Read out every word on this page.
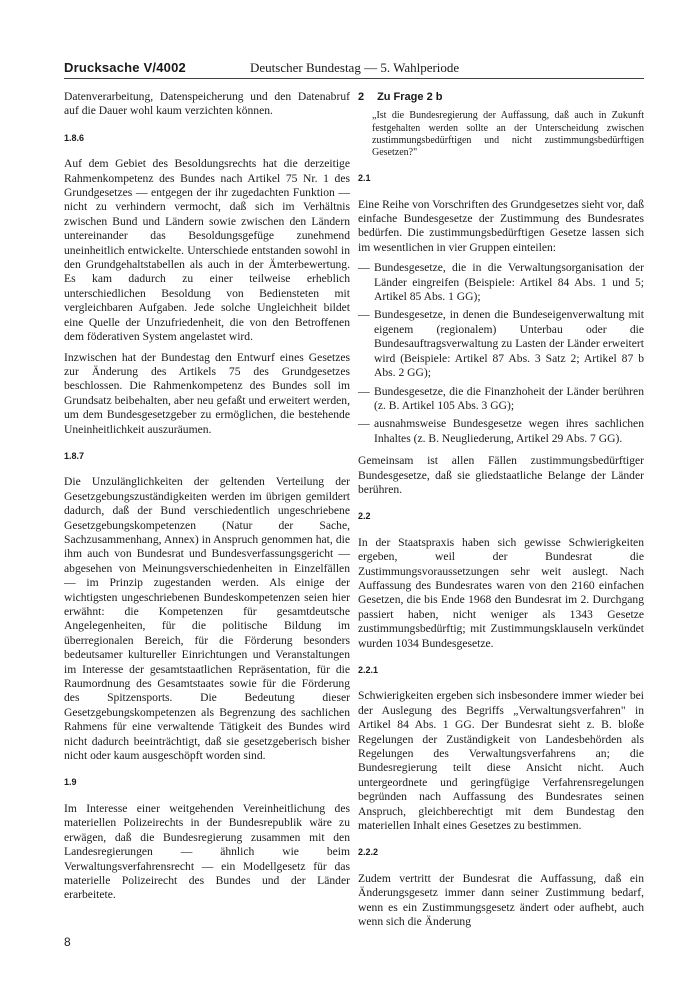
Drucksache V/4002	Deutscher Bundestag — 5. Wahlperiode

Datenverarbeitung, Datenspeicherung und den Datenabruf auf die Dauer wohl kaum verzichten können.

1.8.6

Auf dem Gebiet des Besoldungsrechts hat die derzeitige Rahmenkompetenz des Bundes nach Artikel 75 Nr. 1 des Grundgesetzes — entgegen der ihr zugedachten Funktion — nicht zu verhindern vermocht, daß sich im Verhältnis zwischen Bund und Ländern sowie zwischen den Ländern untereinander das Besoldungsgefüge zunehmend uneinheitlich entwickelte. Unterschiede entstanden sowohl in den Grundgehaltstabellen als auch in der Ämterbewertung. Es kam dadurch zu einer teilweise erheblich unterschiedlichen Besoldung von Bediensteten mit vergleichbaren Aufgaben. Jede solche Ungleichheit bildet eine Quelle der Unzufriedenheit, die von den Betroffenen dem föderativen System angelastet wird.

Inzwischen hat der Bundestag den Entwurf eines Gesetzes zur Änderung des Artikels 75 des Grundgesetzes beschlossen. Die Rahmenkompetenz des Bundes soll im Grundsatz beibehalten, aber neu gefaßt und erweitert werden, um dem Bundesgesetzgeber zu ermöglichen, die bestehende Uneinheitlichkeit auszuräumen.

1.8.7

Die Unzulänglichkeiten der geltenden Verteilung der Gesetzgebungszuständigkeiten werden im übrigen gemildert dadurch, daß der Bund verschiedentlich ungeschriebene Gesetzgebungskompetenzen (Natur der Sache, Sachzusammenhang, Annex) in Anspruch genommen hat, die ihm auch von Bundesrat und Bundesverfassungsgericht — abgesehen von Meinungsverschiedenheiten in Einzelfällen — im Prinzip zugestanden werden. Als einige der wichtigsten ungeschriebenen Bundeskompetenzen seien hier erwähnt: die Kompetenzen für gesamtdeutsche Angelegenheiten, für die politische Bildung im überregionalen Bereich, für die Förderung besonders bedeutsamer kultureller Einrichtungen und Veranstaltungen im Interesse der gesamtstaatlichen Repräsentation, für die Raumordnung des Gesamtstaates sowie für die Förderung des Spitzensports. Die Bedeutung dieser Gesetzgebungskompetenzen als Begrenzung des sachlichen Rahmens für eine verwaltende Tätigkeit des Bundes wird nicht dadurch beeinträchtigt, daß sie gesetzgeberisch bisher nicht oder kaum ausgeschöpft worden sind.

1.9

Im Interesse einer weitgehenden Vereinheitlichung des materiellen Polizeirechts in der Bundesrepublik wäre zu erwägen, daß die Bundesregierung zusammen mit den Landesregierungen — ähnlich wie beim Verwaltungsverfahrensrecht — ein Modellgesetz für das materielle Polizeirecht des Bundes und der Länder erarbeitete.

2 Zu Frage 2 b
„Ist die Bundesregierung der Auffassung, daß auch in Zukunft festgehalten werden sollte an der Unterscheidung zwischen zustimmungsbedürftigen und nicht zustimmungsbedürftigen Gesetzen?"
2.1

Eine Reihe von Vorschriften des Grundgesetzes sieht vor, daß einfache Bundesgesetze der Zustimmung des Bundesrates bedürfen. Die zustimmungsbedürftigen Gesetze lassen sich im wesentlichen in vier Gruppen einteilen:

— Bundesgesetze, die in die Verwaltungsorganisation der Länder eingreifen (Beispiele: Artikel 84 Abs. 1 und 5; Artikel 85 Abs. 1 GG);
— Bundesgesetze, in denen die Bundeseigenverwaltung mit eigenem (regionalem) Unterbau oder die Bundesauftragsverwaltung zu Lasten der Länder erweitert wird (Beispiele: Artikel 87 Abs. 3 Satz 2; Artikel 87 b Abs. 2 GG);
— Bundesgesetze, die die Finanzhoheit der Länder berühren (z. B. Artikel 105 Abs. 3 GG);
— ausnahmsweise Bundesgesetze wegen ihres sachlichen Inhaltes (z. B. Neugliederung, Artikel 29 Abs. 7 GG).

Gemeinsam ist allen Fällen zustimmungsbedürftiger Bundesgesetze, daß sie gliedstaatliche Belange der Länder berühren.

2.2

In der Staatspraxis haben sich gewisse Schwierigkeiten ergeben, weil der Bundesrat die Zustimmungsvoraussetzungen sehr weit auslegt. Nach Auffassung des Bundesrates waren von den 2160 einfachen Gesetzen, die bis Ende 1968 den Bundesrat im 2. Durchgang passiert haben, nicht weniger als 1343 Gesetze zustimmungsbedürftig; mit Zustimmungsklauseln verkündet wurden 1034 Bundesgesetze.

2.2.1

Schwierigkeiten ergeben sich insbesondere immer wieder bei der Auslegung des Begriffs „Verwaltungsverfahren" in Artikel 84 Abs. 1 GG. Der Bundesrat sieht z. B. bloße Regelungen der Zuständigkeit von Landesbehörden als Regelungen des Verwaltungsverfahrens an; die Bundesregierung teilt diese Ansicht nicht. Auch untergeordnete und geringfügige Verfahrensregelungen begründen nach Auffassung des Bundesrates seinen Anspruch, gleichberechtigt mit dem Bundestag den materiellen Inhalt eines Gesetzes zu bestimmen.

2.2.2

Zudem vertritt der Bundesrat die Auffassung, daß ein Änderungsgesetz immer dann seiner Zustimmung bedarf, wenn es ein Zustimmungsgesetz ändert oder aufhebt, auch wenn sich die Änderung

8
